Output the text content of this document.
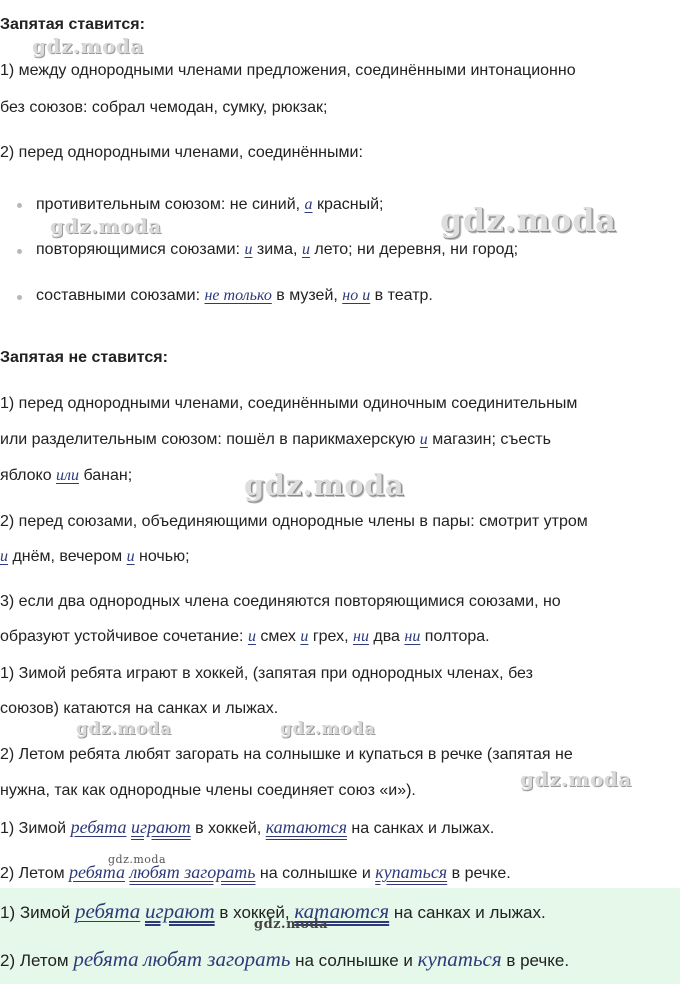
Запятая ставится:
1) между однородными членами предложения, соединёнными интонационно
без союзов: собрал чемодан, сумку, рюкзак;
2) перед однородными членами, соединёнными:
противительным союзом: не синий, а красный;
повторяющимися союзами: и зима, и лето; ни деревня, ни город;
составными союзами: не только в музей, но и в театр.
Запятая не ставится:
1) перед однородными членами, соединёнными одиночным соединительным
или разделительным союзом: пошёл в парикмахерскую и магазин; съесть
яблоко или банан;
2) перед союзами, объединяющими однородные члены в пары: смотрит утром
и днём, вечером и ночью;
3) если два однородных члена соединяются повторяющимися союзами, но
образуют устойчивое сочетание: и смех и грех, ни два ни полтора.
1) Зимой ребята играют в хоккей, (запятая при однородных членах, без
союзов) катаются на санках и лыжах.
2) Летом ребята любят загорать на солнышке и купаться в речке (запятая не
нужна, так как однородные члены соединяет союз «и»).
1) Зимой ребята играют в хоккей, катаются на санках и лыжах.
2) Летом ребята любят загорать на солнышке и купаться в речке.
1) Зимой ребята играют в хоккей, катаются на санках и лыжах.
2) Летом ребята любят загорать на солнышке и купаться в речке.
gdz.moda
gdz.moda	gdz.moda
gdz.moda
gdz.moda	gdz.moda
gdz.moda
gdz.moda
gdz.moda
